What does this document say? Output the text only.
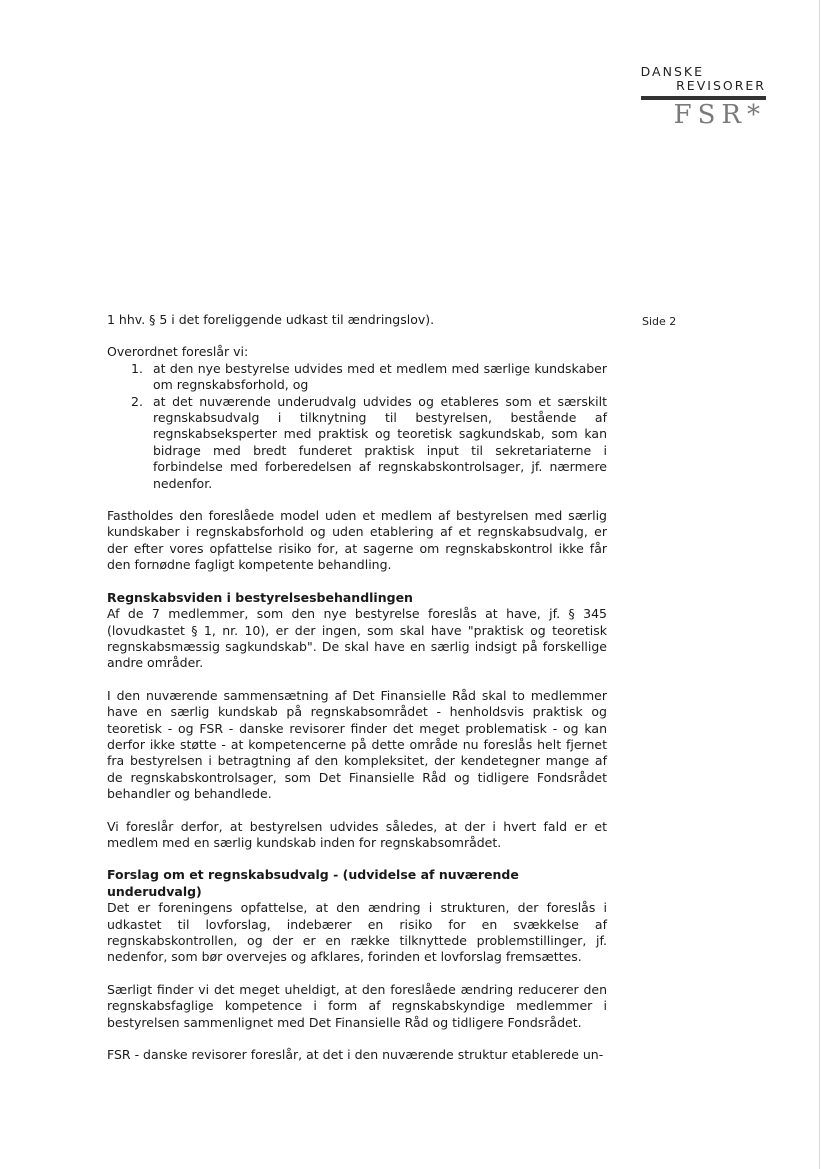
DANSKE
REVISORER
FSR*
Side 2

1 hhv. § 5 i det foreliggende udkast til ændringslov).

Overordnet foreslår vi:

1. at den nye bestyrelse udvides med et medlem med særlige kundskaber om regnskabsforhold, og
2. at det nuværende underudvalg udvides og etableres som et særskilt regnskabsudvalg i tilknytning til bestyrelsen, bestående af regnskabseksperter med praktisk og teoretisk sagkundskab, som kan bidrage med bredt funderet praktisk input til sekretariaterne i forbindelse med forberedelsen af regnskabskontrolsager, jf. nærmere nedenfor.

Fastholdes den foreslåede model uden et medlem af bestyrelsen med særlig kundskaber i regnskabsforhold og uden etablering af et regnskabsudvalg, er der efter vores opfattelse risiko for, at sagerne om regnskabskontrol ikke får den fornødne fagligt kompetente behandling.

Regnskabsviden i bestyrelsesbehandlingen

Af de 7 medlemmer, som den nye bestyrelse foreslås at have, jf. § 345 (lovudkastet § 1, nr. 10), er der ingen, som skal have "praktisk og teoretisk regnskabsmæssig sagkundskab". De skal have en særlig indsigt på forskellige andre områder.

I den nuværende sammensætning af Det Finansielle Råd skal to medlemmer have en særlig kundskab på regnskabsområdet - henholdsvis praktisk og teoretisk - og FSR - danske revisorer finder det meget problematisk - og kan derfor ikke støtte - at kompetencerne på dette område nu foreslås helt fjernet fra bestyrelsen i betragtning af den kompleksitet, der kendetegner mange af de regnskabskontrolsager, som Det Finansielle Råd og tidligere Fondsrådet behandler og behandlede.

Vi foreslår derfor, at bestyrelsen udvides således, at der i hvert fald er et medlem med en særlig kundskab inden for regnskabsområdet.

Forslag om et regnskabsudvalg - (udvidelse af nuværende underudvalg)

Det er foreningens opfattelse, at den ændring i strukturen, der foreslås i udkastet til lovforslag, indebærer en risiko for en svækkelse af regnskabskontrollen, og der er en række tilknyttede problemstillinger, jf. nedenfor, som bør overvejes og afklares, forinden et lovforslag fremsættes.

Særligt finder vi det meget uheldigt, at den foreslåede ændring reducerer den regnskabsfaglige kompetence i form af regnskabskyndige medlemmer i bestyrelsen sammenlignet med Det Finansielle Råd og tidligere Fondsrådet.

FSR - danske revisorer foreslår, at det i den nuværende struktur etablerede un-
